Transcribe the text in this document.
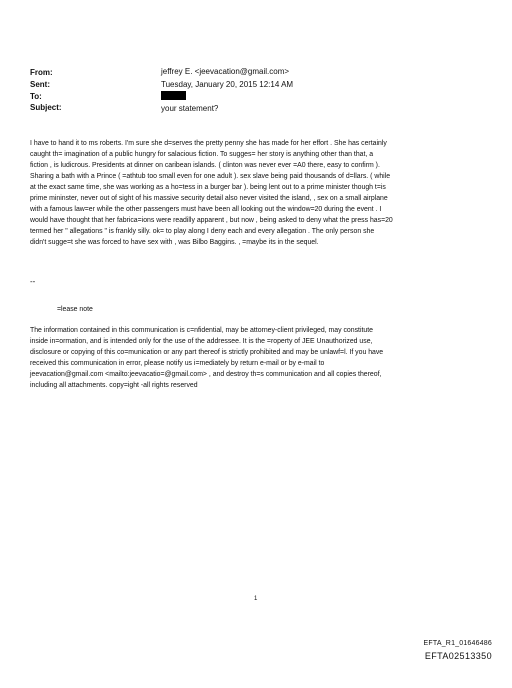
From:	jeffrey E. <jeevacation@gmail.com>
Sent:	Tuesday, January 20, 2015 12:14 AM
To:
Subject:	your statement?
I have to hand it to ms roberts. I'm sure she d=serves the pretty penny she has made for her effort . She has certainly
caught th= imagination of a public hungry for salacious fiction. To sugges= her story is anything other than that, a
fiction , is ludicrous. Presidents at dinner on caribean islands. ( clinton was never ever =A0 there, easy to confirm ).
Sharing a bath with a Prince ( =athtub too small even for one adult ). sex slave being paid thousands of d=llars. ( while
at the exact same time, she was working as a ho=tess in a burger bar ). being lent out to a prime minister though t=is
prime mininster, never out of sight of his massive security detail also never visited the island, , sex on a small airplane
with a famous law=er while the other passengers must have been all looking out the window=20 during the event . I
would have thought that her fabrica=ions were readilly apparent , but now , being asked to deny what the press has=20
termed her " allegations " is frankly silly. ok= to play along I deny each and every allegation . The only person she
didn't sugge=t she was forced to have sex with , was Bilbo Baggins. , =maybe its in the sequel.
--
=lease note
The information contained in this communication is c=nfidential, may be attorney-client privileged, may constitute
inside in=ormation, and is intended only for the use of the addressee. It is the =roperty of JEE Unauthorized use,
disclosure or copying of this co=munication or any part thereof is strictly prohibited and may be unlawf=l. If you have
received this communication in error, please notify us i=mediately by return e-mail or by e-mail to
jeevacation@gmail.com <mailto:jeevacatio=@gmail.com> , and destroy th=s communication and all copies thereof,
including all attachments. copy=ight -all rights reserved
1
EFTA_R1_01646486
EFTA02513350
